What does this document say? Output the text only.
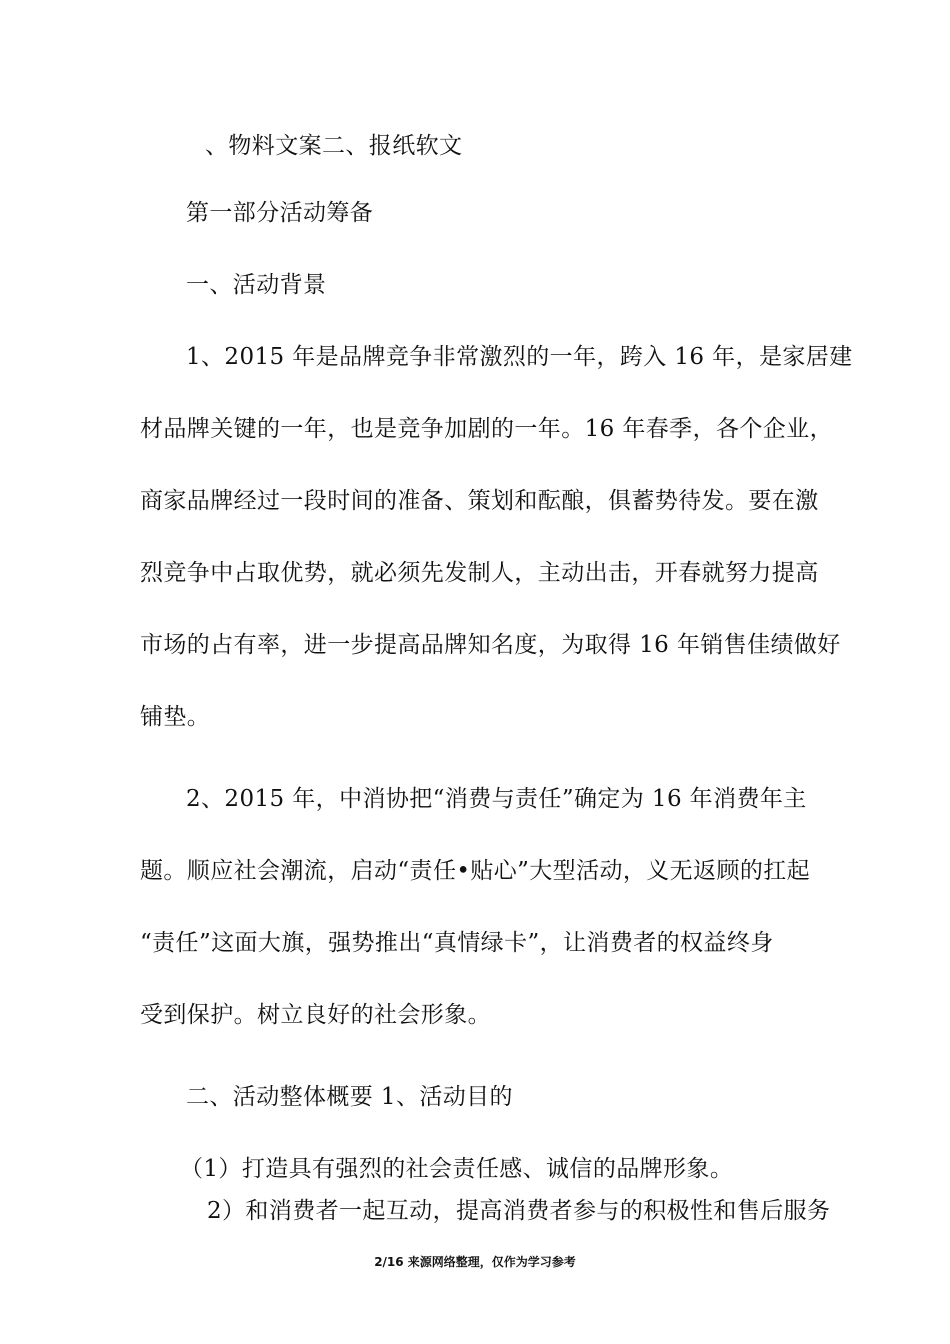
、物料文案二、报纸软文
第一部分活动筹备
一、活动背景
1、2015 年是品牌竞争非常激烈的一年，跨入 16 年，是家居建
材品牌关键的一年，也是竞争加剧的一年。16 年春季，各个企业，
商家品牌经过一段时间的准备、策划和酝酿，俱蓄势待发。要在激
烈竞争中占取优势，就必须先发制人，主动出击，开春就努力提高
市场的占有率，进一步提高品牌知名度，为取得 16 年销售佳绩做好
铺垫。
2、2015 年，中消协把“消费与责任”确定为 16 年消费年主
题。顺应社会潮流，启动“责任•贴心”大型活动，义无返顾的扛起
“责任”这面大旗，强势推出“真情绿卡”，让消费者的权益终身
受到保护。树立良好的社会形象。
二、活动整体概要 1、活动目的
（1）打造具有强烈的社会责任感、诚信的品牌形象。
2）和消费者一起互动，提高消费者参与的积极性和售后服务
2/16 来源网络整理，仅作为学习参考
